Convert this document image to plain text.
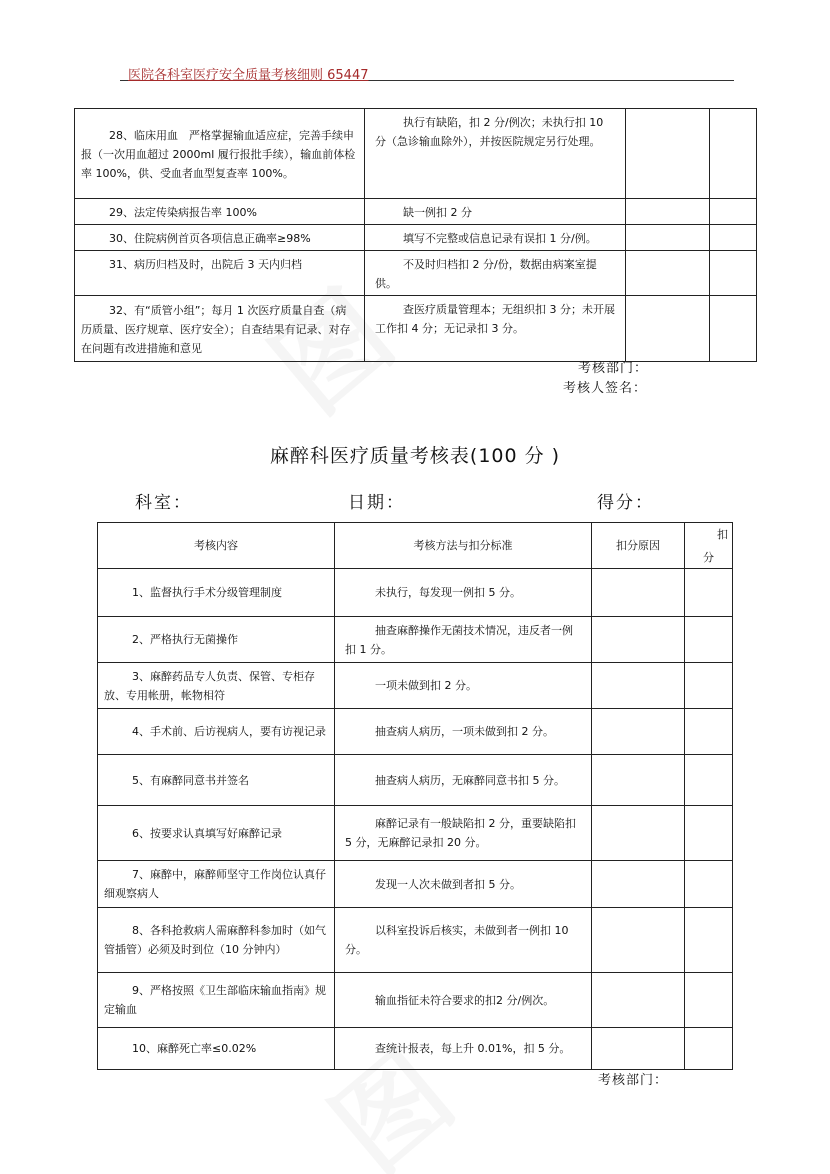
医院各科室医疗安全质量考核细则 65447
28、临床用血　严格掌握输血适应症，完善手续申报（一次用血超过 2000ml 履行报批手续），输血前体检率 100%，供、受血者血型复查率 100%。	执行有缺陷，扣 2 分/例次；未执行扣 10 分（急诊输血除外），并按医院规定另行处理。		
29、法定传染病报告率 100%	缺一例扣 2 分		
30、住院病例首页各项信息正确率≥98%	填写不完整或信息记录有误扣 1 分/例。		
31、病历归档及时，出院后 3 天内归档	不及时归档扣 2 分/份，数据由病案室提供。		
32、有“质管小组”；每月 1 次医疗质量自查（病历质量、医疗规章、医疗安全）；自查结果有记录、对存在问题有改进措施和意见	查医疗质量管理本；无组织扣 3 分；未开展工作扣 4 分；无记录扣 3 分。		
考核部门：
考核人签名：
麻醉科医疗质量考核表(100 分 )
科室：	日期：	得分：
考核内容	考核方法与扣分标准	扣分原因	扣
分

1、监督执行手术分级管理制度	未执行，每发现一例扣 5 分。		
2、严格执行无菌操作	抽查麻醉操作无菌技术情况，违反者一例扣 1 分。		
3、麻醉药品专人负责、保管、专柜存放、专用帐册，帐物相符	一项未做到扣 2 分。		
4、手术前、后访视病人，要有访视记录	抽查病人病历，一项未做到扣 2 分。		
5、有麻醉同意书并签名	抽查病人病历，无麻醉同意书扣 5 分。		
6、按要求认真填写好麻醉记录	麻醉记录有一般缺陷扣 2 分，重要缺陷扣 5 分，无麻醉记录扣 20 分。		
7、麻醉中，麻醉师坚守工作岗位认真仔细观察病人	发现一人次未做到者扣 5 分。		
8、各科抢救病人需麻醉科参加时（如气管插管）必须及时到位（10 分钟内）	以科室投诉后核实，未做到者一例扣 10 分。		
9、严格按照《卫生部临床输血指南》规定输血	输血指征未符合要求的扣2 分/例次。		
10、麻醉死亡率≤0.02%	查统计报表，每上升 0.01%，扣 5 分。		
考核部门：
